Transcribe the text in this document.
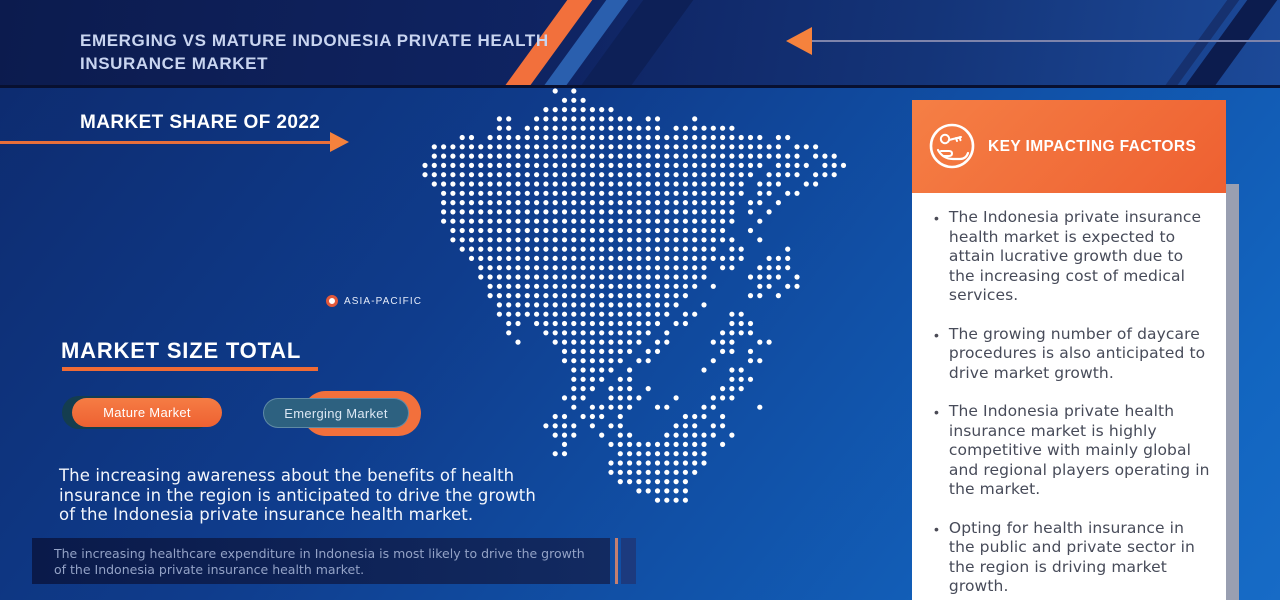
EMERGING VS MATURE INDONESIA PRIVATE HEALTH INSURANCE MARKET
MARKET SHARE OF 2022
ASIA-PACIFIC
MARKET SIZE TOTAL
Mature Market	Emerging Market
The increasing awareness about the benefits of health insurance in the region is anticipated to drive the growth of the Indonesia private insurance health market.
The increasing healthcare expenditure in Indonesia is most likely to drive the growth of the Indonesia private insurance health market.
KEY IMPACTING FACTORS
• The Indonesia private insurance health market is expected to attain lucrative growth due to the increasing cost of medical services.

• The growing number of daycare procedures is also anticipated to drive market growth.

• The Indonesia private health insurance market is highly competitive with mainly global and regional players operating in the market.

• Opting for health insurance in the public and private sector in the region is driving market growth.
